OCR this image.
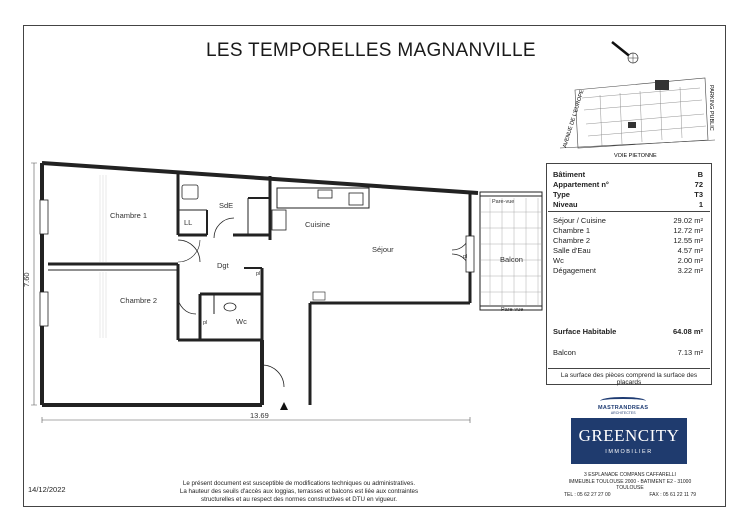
LES TEMPORELLES MAGNANVILLE
Chambre 1
Chambre 2
SdE
LL	Cuisine
Séjour
Dgt
Wc
Balcon
pl
pl
pl
Pare-vue
Pare-vue
7.60
13.69
AVENUE DE L'EUROPE	PARKING PUBLIC
VOIE PIETONNE
Bâtiment	B
Appartement n°	72
Type	T3
Niveau	1
Séjour / Cuisine	29.02 m²
Chambre 1	12.72 m²
Chambre 2	12.55 m²
Salle d'Eau	4.57 m²
Wc	2.00 m²
Dégagement	3.22 m²
Surface Habitable	64.08 m²
Balcon	7.13 m²
La surface des pièces comprend la surface des placards
MASTRANDREAS
ARCHITECTES
GREENCITY
IMMOBILIER
3 ESPLANADE COMPANS CAFFARELLI
IMMEUBLE TOULOUSE 2000 - BATIMENT E2 - 31000 TOULOUSE
TEL : 05 62 27 27 00	FAX : 05 61 22 11 79
14/12/2022
Le présent document est susceptible de modifications techniques ou administratives.
La hauteur des seuils d'accès aux loggias, terrasses et balcons est liée aux contraintes
structurelles et au respect des normes constructives et DTU en vigueur.
